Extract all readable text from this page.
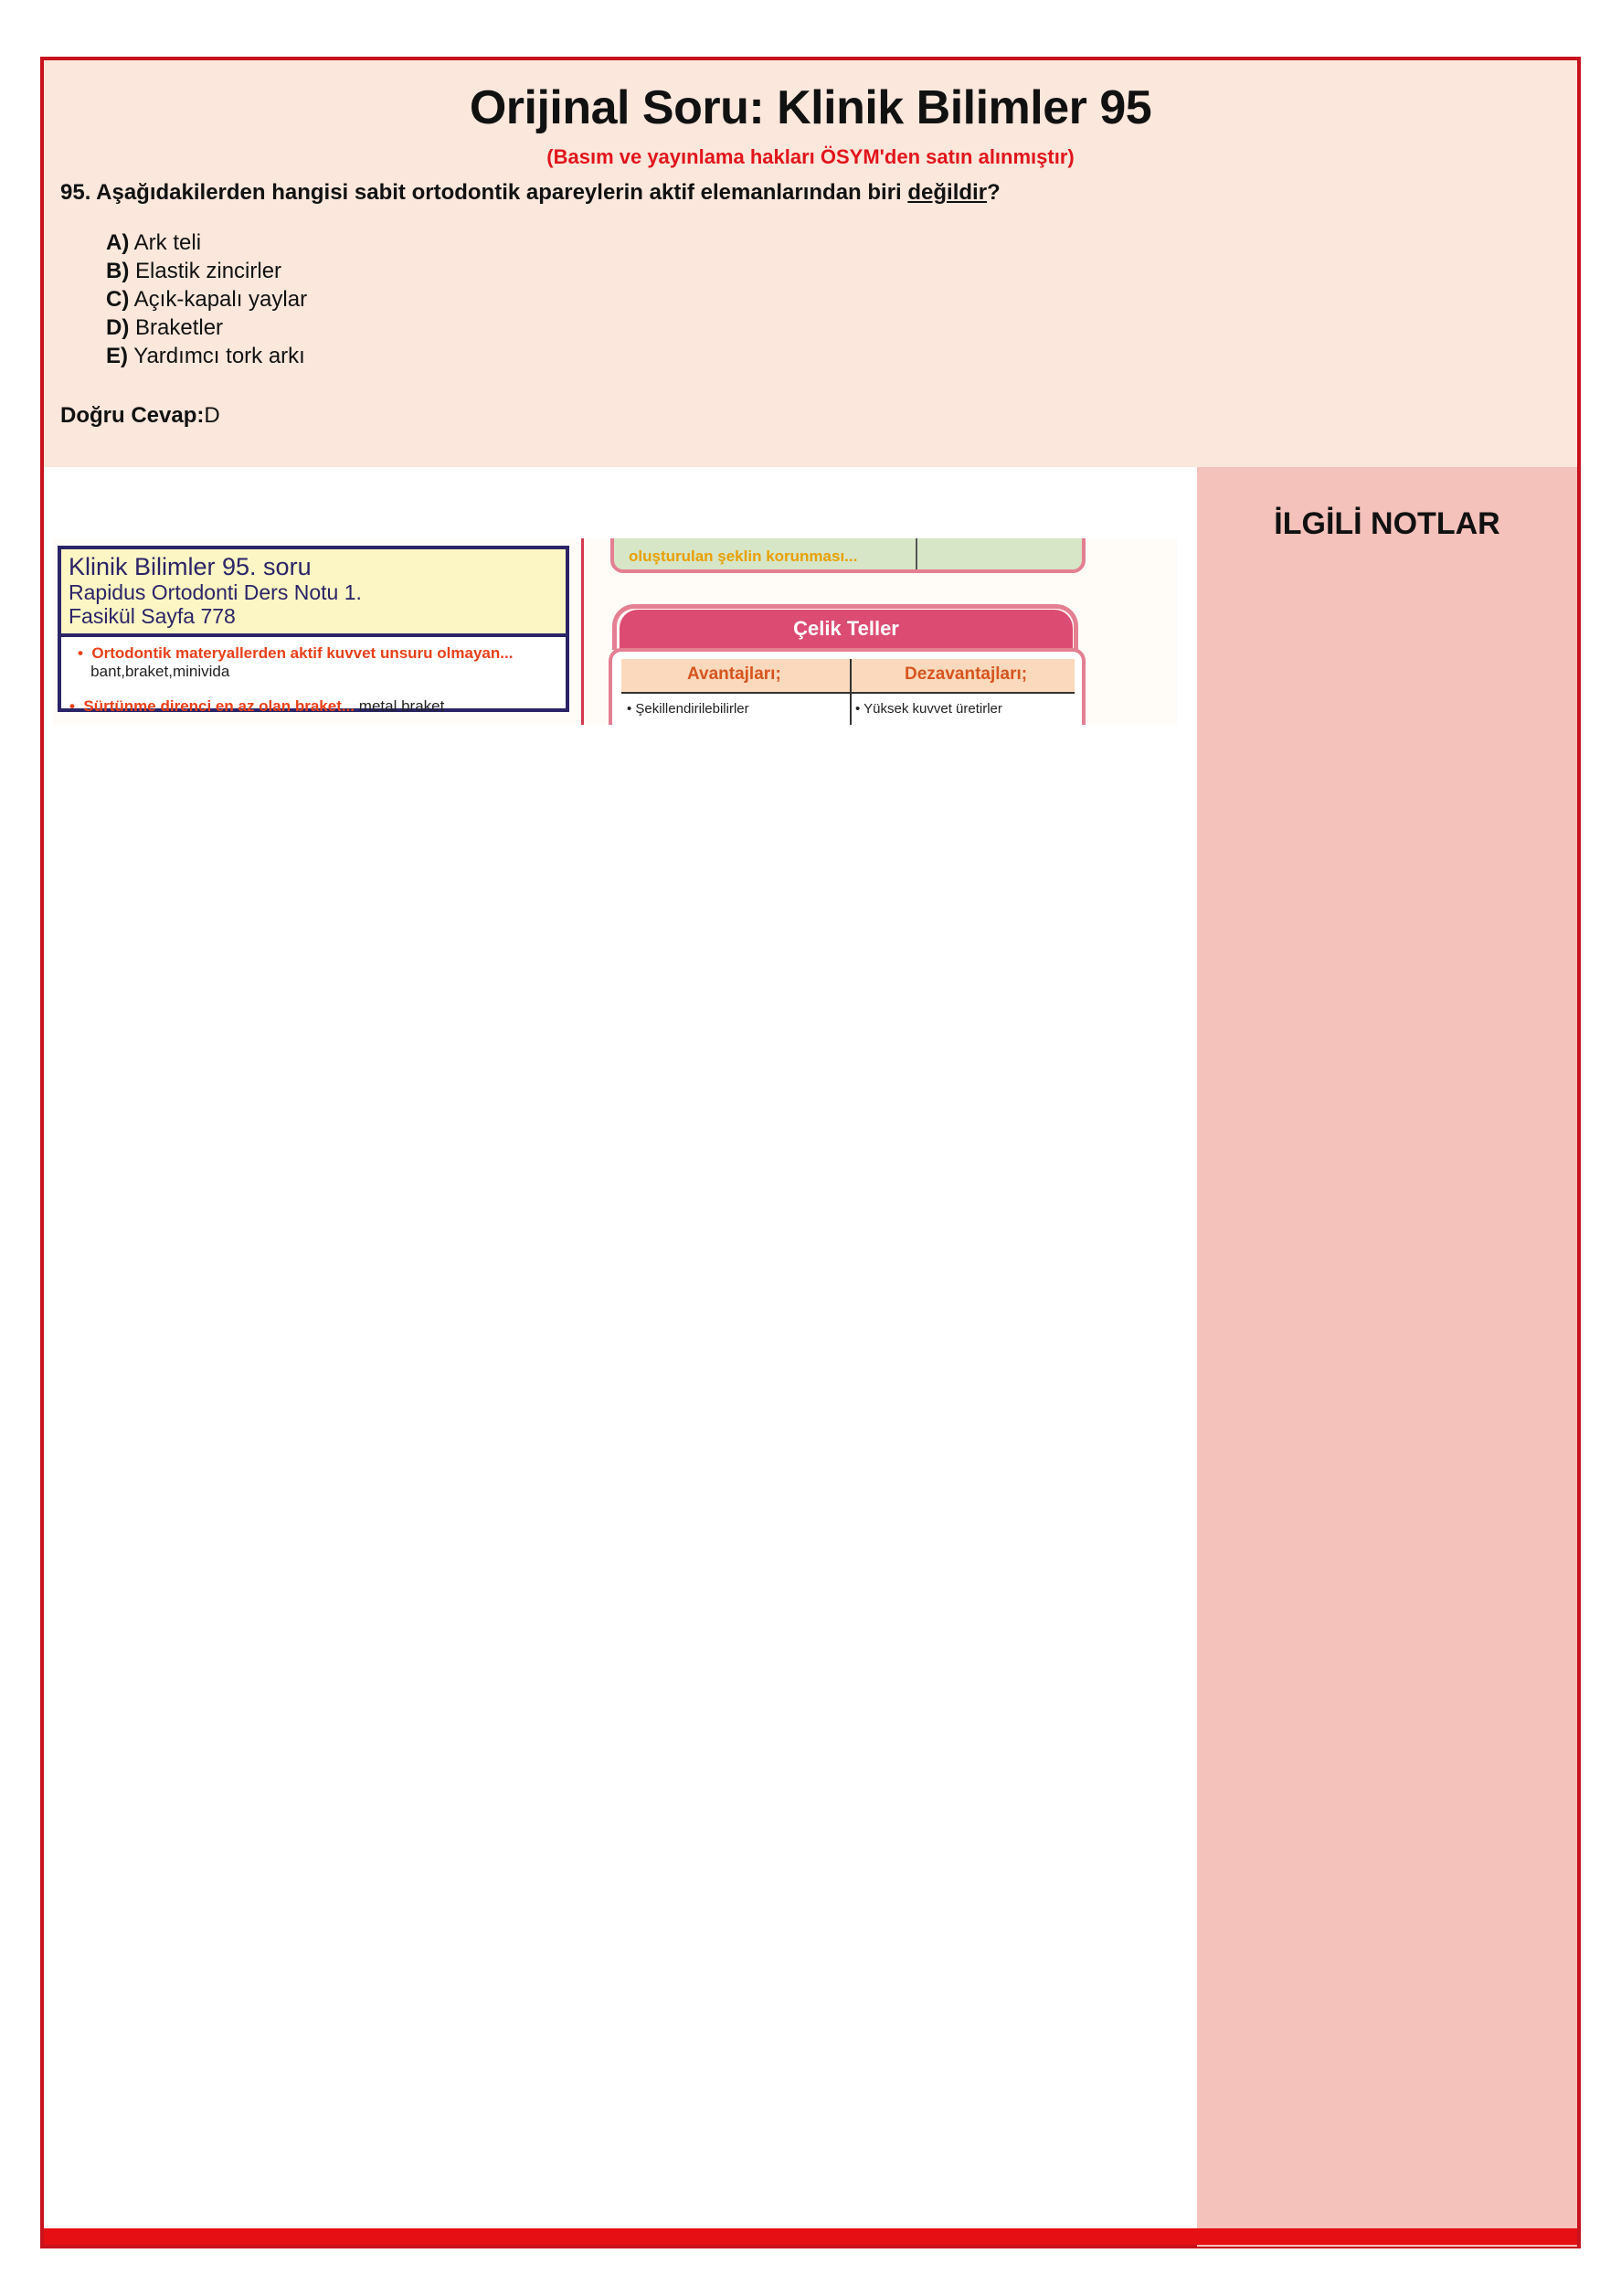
Orijinal Soru: Klinik Bilimler 95
(Basım ve yayınlama hakları ÖSYM'den satın alınmıştır)
95. Aşağıdakilerden hangisi sabit ortodontik apareylerin aktif elemanlarından biri değildir?
A) Ark teli
B) Elastik zincirler
C) Açık-kapalı yaylar
D) Braketler
E) Yardımcı tork arkı
Doğru Cevap:D
İLGİLİ NOTLAR
Klinik Bilimler 95. soru
Rapidus Ortodonti Ders Notu 1.
Fasikül Sayfa 778
• Ortodontik materyallerden aktif kuvvet unsuru olmayan...
bant,braket,minivida
• Sürtünme direnci en az olan braket... metal braket
oluşturulan şeklin korunması...
Çelik Teller
Avantajları;	Dezavantajları;
• Şekillendirilebilirler	• Yüksek kuvvet üretirler
